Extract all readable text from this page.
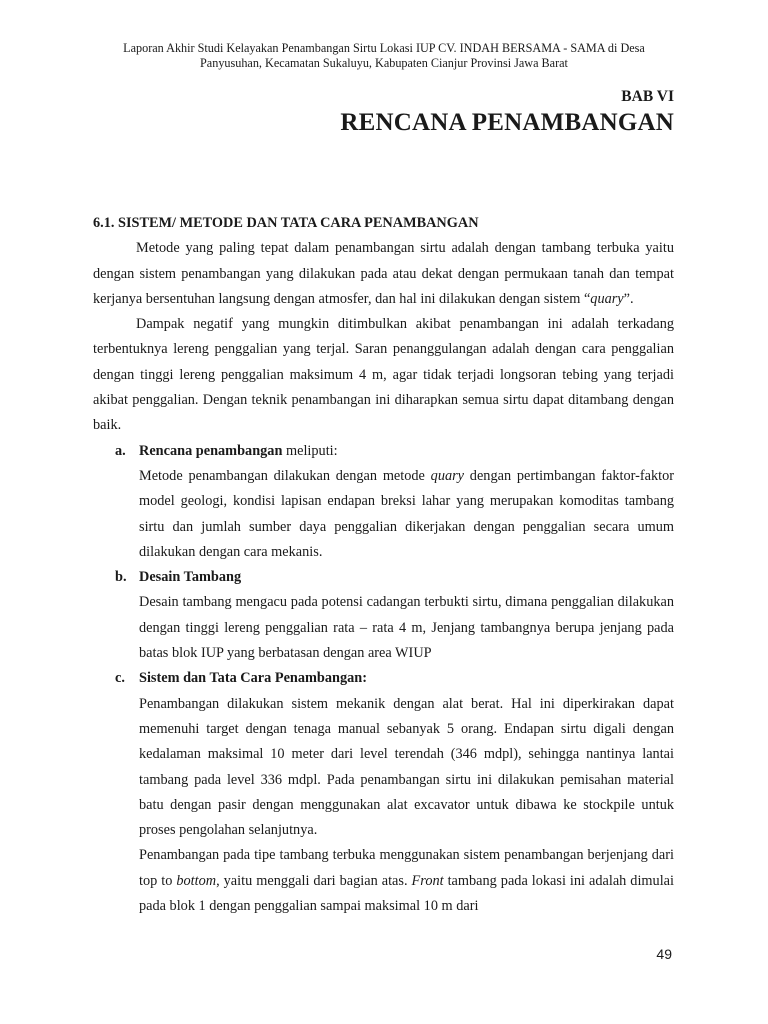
Laporan Akhir Studi Kelayakan Penambangan Sirtu Lokasi IUP CV. INDAH BERSAMA - SAMA di Desa
Panyusuhan, Kecamatan Sukaluyu, Kabupaten Cianjur Provinsi Jawa Barat
BAB VI
RENCANA PENAMBANGAN

6.1. SISTEM/ METODE DAN TATA CARA PENAMBANGAN

Metode yang paling tepat dalam penambangan sirtu adalah dengan tambang terbuka yaitu dengan sistem penambangan yang dilakukan pada atau dekat dengan permukaan tanah dan tempat kerjanya bersentuhan langsung dengan atmosfer, dan hal ini dilakukan dengan sistem “quary”.

Dampak negatif yang mungkin ditimbulkan akibat penambangan ini adalah terkadang terbentuknya lereng penggalian yang terjal. Saran penanggulangan adalah dengan cara penggalian dengan tinggi lereng penggalian maksimum 4 m, agar tidak terjadi longsoran tebing yang terjadi akibat penggalian. Dengan teknik penambangan ini diharapkan semua sirtu dapat ditambang dengan baik.

a. Rencana penambangan meliputi:

Metode penambangan dilakukan dengan metode quary dengan pertimbangan faktor-faktor model geologi, kondisi lapisan endapan breksi lahar yang merupakan komoditas tambang sirtu dan jumlah sumber daya penggalian dikerjakan dengan penggalian secara umum dilakukan dengan cara mekanis.

b. Desain Tambang

Desain tambang mengacu pada potensi cadangan terbukti sirtu, dimana penggalian dilakukan dengan tinggi lereng penggalian rata – rata 4 m, Jenjang tambangnya berupa jenjang pada batas blok IUP yang berbatasan dengan area WIUP

c. Sistem dan Tata Cara Penambangan:

Penambangan dilakukan sistem mekanik dengan alat berat. Hal ini diperkirakan dapat memenuhi target dengan tenaga manual sebanyak 5 orang. Endapan sirtu digali dengan kedalaman maksimal 10 meter dari level terendah (346 mdpl), sehingga nantinya lantai tambang pada level 336 mdpl. Pada penambangan sirtu ini dilakukan pemisahan material batu dengan pasir dengan menggunakan alat excavator untuk dibawa ke stockpile untuk proses pengolahan selanjutnya.

Penambangan pada tipe tambang terbuka menggunakan sistem penambangan berjenjang dari top to bottom, yaitu menggali dari bagian atas. Front tambang pada lokasi ini adalah dimulai pada blok 1 dengan penggalian sampai maksimal 10 m dari

49
